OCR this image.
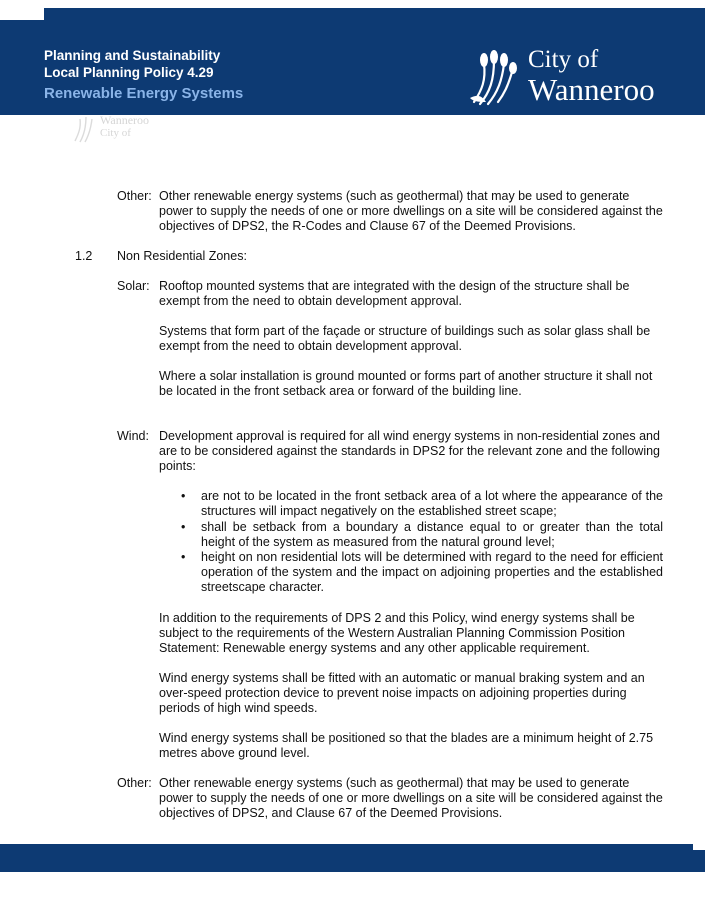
Planning and Sustainability
Local Planning Policy 4.29
Renewable Energy Systems
City of
Wanneroo
Wanneroo
City of
Other: Other renewable energy systems (such as geothermal) that may be used to generate power to supply the needs of one or more dwellings on a site will be considered against the objectives of DPS2, the R-Codes and Clause 67 of the Deemed Provisions.
1.2 Non Residential Zones:
Solar: Rooftop mounted systems that are integrated with the design of the structure shall be exempt from the need to obtain development approval.
Systems that form part of the façade or structure of buildings such as solar glass shall be exempt from the need to obtain development approval.
Where a solar installation is ground mounted or forms part of another structure it shall not be located in the front setback area or forward of the building line.
Wind: Development approval is required for all wind energy systems in non-residential zones and are to be considered against the standards in DPS2 for the relevant zone and the following points:
• are not to be located in the front setback area of a lot where the appearance of the structures will impact negatively on the established street scape;
• shall be setback from a boundary a distance equal to or greater than the total height of the system as measured from the natural ground level;
• height on non residential lots will be determined with regard to the need for efficient operation of the system and the impact on adjoining properties and the established streetscape character.
In addition to the requirements of DPS 2 and this Policy, wind energy systems shall be subject to the requirements of the Western Australian Planning Commission Position Statement: Renewable energy systems and any other applicable requirement.
Wind energy systems shall be fitted with an automatic or manual braking system and an over-speed protection device to prevent noise impacts on adjoining properties during periods of high wind speeds.
Wind energy systems shall be positioned so that the blades are a minimum height of 2.75 metres above ground level.
Other: Other renewable energy systems (such as geothermal) that may be used to generate power to supply the needs of one or more dwellings on a site will be considered against the objectives of DPS2, and Clause 67 of the Deemed Provisions.
